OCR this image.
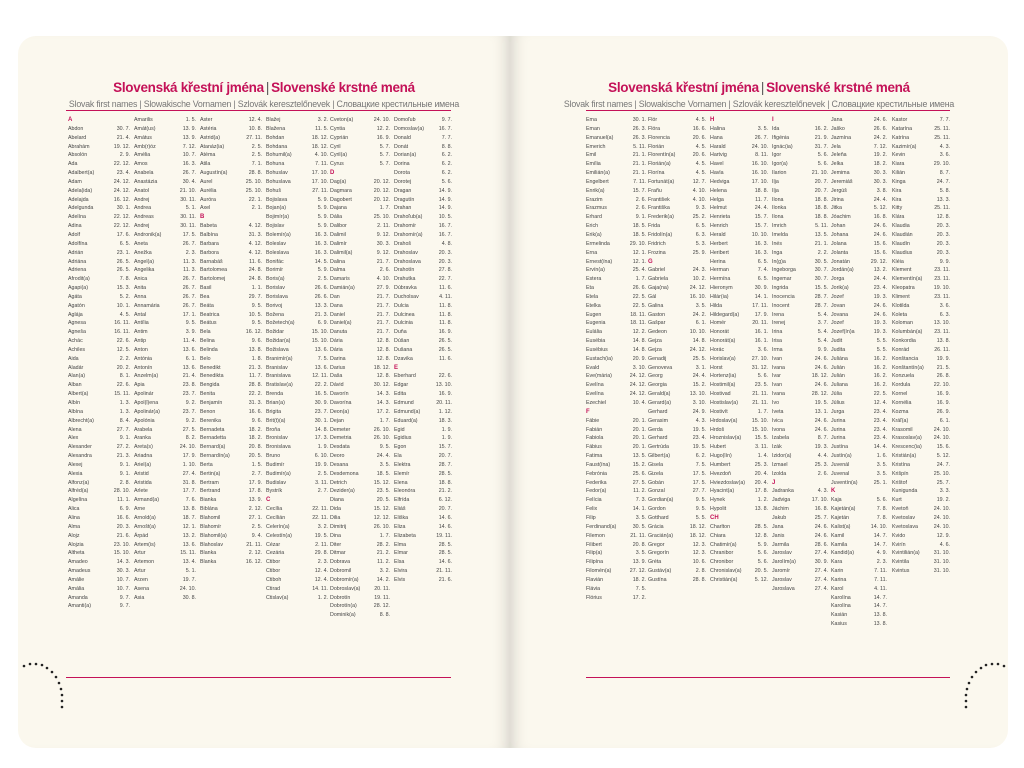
Slovenská křestní jména | Slovenské krstné mená
Slovak first names | Slowakische Vornamen | Szlovák keresztelőnevek | Словацкие крестильные имена
A
Abdon	30. 7.
Abelard	21. 4.
Abrahám	19. 12.
Absolón	2. 9.
Ada	22. 12.
Adalbert(a)	23. 4.
Adam	24. 12.
Adela(ida)	24. 12.
Adelajda	16. 12.
Adelgunda	30. 1.
Adelína	22. 12.
Adina	22. 12.
Adolf	17. 6.
Adolfína	6. 5.
Adrián	23. 1.
Adriána	26. 5.
Adriena	26. 5.
Afrodit(a)	7. 8.
Agapi(a)	15. 3.
Agáta	5. 2.
Agatón	10. 1.
Aglája	4. 5.
Agnesa	16. 11.
Agneša	16. 11.
Achác	22. 6.
Achiles	12. 5.
Aida	2. 2.
Aladár	20. 2.
Alan(a)	8. 1.
Alban	22. 6.
Albert(a)	15. 11.
Albín	1. 3.
Albína	1. 3.
Albrecht(a)	8. 4.
Alena	27. 7.
Alex	9. 1.
Alexander	27. 2.
Alexandra	21. 3.
Alexej	9. 1.
Alexia	9. 1.
Alfonz(a)	2. 8.
Alfréd(a)	28. 10.
Algelína	11. 1.
Alica	6. 9.
Alina	16. 6.
Alma	20. 3.
Alojz	21. 6.
Alojzia	23. 10.
Altheta	15. 10.
Amadeo	14. 3.
Amadeus	30. 3.
Amálie	10. 7.
Amália	10. 7.
Amanda	9. 7.
Amanti(a)	9. 7.
Amarilis	1. 5.
Amát(us)	13. 9.
Amátus	13. 9.
Amb(r)óz	7. 12.
Amélia	10. 7.
Amos	16. 3.
Anabela	26. 7.
Anastázia	30. 4.
Anatol	21. 10.
Andrej	30. 11.
Andrea	5. 1.
Andreas	30. 11.
Andrej	30. 11.
Andronik(a)	17. 5.
Aneta	26. 7.
Anežka	2. 3.
Angel(a)	11. 3.
Angelika	11. 3.
Anica	26. 7.
Anita	26. 7.
Anna	26. 7.
Annamária	26. 7.
Antal	17. 1.
Antília	9. 5.
Antim	3. 9.
Antip	11. 4.
Anton	13. 6.
Antónia	6. 1.
Antonín	13. 6.
Anzelm(a)	21. 4.
Apia	23. 8.
Apolinár	23. 7.
Apol(l)ena	9. 2.
Apolinár(a)	23. 7.
Apolónia	9. 2.
Arabela	27. 5.
Aranka	8. 2.
Areta(s)	24. 10.
Ariadna	17. 9.
Ariel(a)	1. 10.
Aristid	27. 4.
Aristida	31. 8.
Arlete	17. 7.
Armand(a)	7. 6.
Arne	13. 8.
Arnold(a)	18. 7.
Arnošt(a)	12. 1.
Árpád	13. 2.
Artem(is)	13. 6.
Artur	15. 11.
Artemon	13. 4.
Artur	5. 1.
Arzen	19. 7.
Asena	24. 10.
Asia	30. 8.
Aster	12. 4.
Astéria	10. 8.
Astrid(a)	27. 11.
Atanáz(ia)	2. 5.
Atéma	2. 5.
Atila	7. 1.
Augustín(a)	28. 8.
Aurel	25. 10.
Aurélia	25. 10.
Auróra	22. 1.
Axel	2. 1.
B
Babeta	4. 12.
Balbína	31. 3.
Barbara	4. 12.
Barbora	4. 12.
Barnabáš	11. 6.
Bartolomea	24. 8.
Bartolomej	24. 8.
Basil	1. 1.
Bea	29. 7.
Beáta	9. 5.
Beatrica	10. 5.
Beátus	9. 5.
Bela	16. 12.
Belina	9. 6.
Belinda	13. 8.
Belo	1. 8.
Benedikt	21. 3.
Benedikta	11. 7.
Bengida	28. 8.
Benita	22. 2.
Benjamín	31. 3.
Benon	16. 6.
Berenika	9. 6.
Bernadeta	18. 2.
Bernadetta	18. 2.
Bernard(a)	20. 8.
Bernardín(a)	20. 5.
Berta	1. 5.
Bertin(a)	2. 7.
Bertram	17. 9.
Bertrand	17. 8.
Bianka	13. 9.
Biblána	2. 12.
Blahomil	27. 1.
Blahomír	2. 5.
Blahomil(a)	9. 4.
Blahoslav	21. 11.
Blanka	2. 12.
Blanka	16. 12.
Blažej	3. 2.
Blažena	11. 5.
Bohdan	18. 12.
Bohdana	18. 12.
Bohumil(a)	4. 10.
Bohuna	7. 11.
Bohuslav	17. 10.
Bohuslava	17. 10.
Bohuš	27. 11.
Bojislava	5. 9.
Bojan(a)	5. 9.
Bojimír(a)	5. 9.
Bojislav	5. 9.
Bolemír(a)	16. 3.
Boleslav	16. 3.
Boleslava	16. 3.
Bonifác	14. 5.
Borimír	5. 9.
Boris(a)	2. 5.
Borislav	26. 6.
Borislava	26. 6.
Borivoj	13. 3.
Božena	21. 3.
Božetech(a)	6. 9.
Božidar	15. 10.
Božidar(a)	15. 10.
Božislava	13. 6.
Branimír(a)	7. 5.
Branislav	13. 6.
Branislava	12. 11.
Bratislav(a)	22. 2.
Brenda	16. 5.
Brian(a)	30. 9.
Brigita	23. 7.
Brit(t)(a)	30. 1.
Broňa	14. 8.
Bronislav	17. 3.
Bronislava	1. 9.
Bruno	6. 10.
Budimír	19. 9.
Budimír(a)	2. 5.
Budislav	3. 11.
Bystrík	2. 7.
C
Cecília	22. 11.
Cecílián	22. 11.
Celerín(a)	3. 2.
Celestín(a)	19. 5.
Cézar	2. 11.
Cezária	29. 8.
Ctibor	2. 3.
Ctibor	12. 4.
Ctiboh	12. 4.
Ctirad	14. 11.
Ctislav(a)	1. 2.
Cveton(a)	24. 10.
Cyntia	12. 2.
Cyprián	16. 9.
Cyril	5. 7.
Cyril(a)	5. 7.
Cyrus	5. 7.
D
Dag(a)	20. 12.
Dagmara	20. 12.
Dagobert	20. 12.
Dajana	1. 7.
Dália	25. 10.
Dalibor	2. 11.
Dalimil	9. 12.
Dalimír	30. 3.
Dalimil(a)	9. 12.
Dalina	21. 7.
Dalma	2. 6.
Damaris	4. 10.
Damián(a)	27. 9.
Dan	21. 7.
Dana	21. 7.
Daniel	21. 7.
Daniel(a)	21. 7.
Danuta	21. 7.
Dária	12. 8.
Dária	12. 8.
Darina	12. 8.
Darius	18. 12.
Daša	12. 8.
Dávid	30. 12.
Davorín	14. 3.
Davorína	14. 3.
Deon(a)	17. 2.
Dejan	1. 7.
Demeter	26. 10.
Demetria	26. 10.
Desdata	9. 5.
Deoro	24. 4.
Desana	3. 5.
Desdemona	18. 5.
Detrich	15. 12.
Dezider(a)	23. 5.
Diana	20. 5.
Dida	15. 12.
Dilia	12. 12.
Dimitrij	26. 10.
Dina	1. 7.
Diter	28. 2.
Ditmar	21. 2.
Dobrava	11. 2.
Dobromil	3. 2.
Dobromír(a)	14. 2.
Dobroslav(a)	20. 11.
Dobrotín	19. 11.
Dobrotín(a)	28. 12.
Dominik(a)	8. 8.
Domoľub	9. 7.
Domoslav(a)	16. 7.
Donald	7. 7.
Donát	8. 8.
Dorian(a)	6. 2.
Dorina	6. 2.
Dorota	6. 2.
Dorotej	5. 6.
Dragan	14. 9.
Dragutín	14. 9.
Drahan	14. 9.
Drahoľub(a)	10. 5.
Drahomír	16. 7.
Drahomír(a)	16. 7.
Drahoš	4. 8.
Drahoslav	20. 3.
Drahoslava	20. 3.
Drahotín	27. 8.
Drahutka	22. 7.
Dúbravka	11. 6.
Ducholsav	4. 11.
Dulcia	11. 8.
Dulcinea	11. 8.
Dulcinia	11. 8.
Duňa	16. 9.
Dúšan	26. 5.
Dušana	26. 5.
Dzavika	11. 6.
E
Eberhard	22. 6.
Edgar	13. 10.
Edita	16. 9.
Edmund	20. 11.
Edmund(a)	1. 12.
Eduard(a)	18. 3.
Egid	1. 9.
Egidius	1. 9.
Egon	15. 7.
Ela	20. 7.
Elektra	28. 7.
Elemír	28. 5.
Elena	18. 8.
Eleonóra	21. 2.
Elfrída	6. 12.
Eliáš	20. 7.
Eliška	14. 6.
Eliza	14. 6.
Elizabeta	19. 11.
Elma	28. 5.
Elmar	28. 5.
Elsa	14. 6.
Elvira	21. 11.
Elvis	21. 6.
Slovenská křestní jména | Slovenské krstné mená
Slovak first names | Slowakische Vornamen | Szlovák keresztelőnevek | Словацкие крестильные имена
Ema	30. 1.
Eman	26. 3.
Emanuel(a)	26. 3.
Emerich	5. 11.
Emil	21. 1.
Emília	21. 1.
Emilián(a)	21. 1.
Engelbert	7. 11.
Enrik(a)	15. 7.
Erazim	2. 6.
Erazmus	2. 6.
Erhard	9. 1.
Erich	18. 5.
Erik(a)	18. 5.
Ermelinda	29. 10.
Erna	12. 1.
Ernest(ína)	12. 1.
Ervín(a)	25. 4.
Estera	1. 7.
Eta	26. 6.
Etela	22. 5.
Etelka	22. 5.
Eugen	18. 11.
Eugenia	18. 11.
Eulália	12. 2.
Eusébia	14. 8.
Eusébius	14. 8.
Eustach(ia)	20. 9.
Evald	3. 10.
Eve(mária)	24. 12.
Evelína	24. 12.
Evelína	24. 12.
Ezechiel	10. 4.
F
Fábie	20. 1.
Fabián	20. 1.
Fabiola	20. 1.
Fábius	20. 1.
Fatima	13. 5.
Faust(ína)	15. 2.
Febrónia	25. 6.
Federika	27. 5.
Fedor(a)	11. 2.
Felícia	7. 3.
Felix	14. 1.
Filip	3. 5.
Ferdinand(a)	30. 5.
Filemon	21. 11.
Filibert	20. 8.
Filip(a)	3. 5.
Filipína	13. 9.
Filomén(a)	27. 12.
Flavián	18. 2.
Flávia	7. 5.
Flórius	17. 2.
Flór	4. 5.
Flóra	16. 6.
Florencia	20. 6.
Florián	4. 5.
Florentín(a)	20. 6.
Florián(a)	4. 5.
Florína	4. 5.
Fortunát(a)	12. 7.
Frañu	4. 10.
František	4. 10.
Františka	9. 3.
Frederik(a)	25. 2.
Frida	6. 5.
Fridolín(a)	6. 3.
Fridrich	5. 3.
Frozina	25. 9.
G
Gabriel	24. 3.
Gabriela	10. 2.
Gaja(na)	24. 12.
Gál	16. 10.
Galina	3. 5.
Gaston	24. 2.
Gašpar	6. 1.
Gedeon	10. 10.
Gejza	14. 8.
Gejza	24. 12.
Genadij	25. 5.
Genoveva	3. 1.
Georg	24. 4.
Georgia	15. 2.
Gerald(a)	13. 10.
Gerard(a)	3. 10.
Gerhard	24. 9.
Gerasim	4. 3.
Gerda	19. 5.
Gerhard	23. 4.
Gertrúda	19. 5.
Gilbert(a)	6. 2.
Gisela	7. 5.
Gizela	17. 5.
Gobán	17. 5.
Gonzal	27. 7.
Gordian(a)	9. 5.
Gordon	9. 5.
Gotthard	5. 5.
Grácia	18. 12.
Gracián(a)	18. 12.
Gregor	12. 3.
Gregorín	12. 3.
Gréta	10. 6.
Gustáv(a)	2. 8.
Gustína	28. 8.
H
Halina	3. 5.
Hana	26. 7.
Harald	24. 10.
Hartvig	8. 11.
Havel	16. 10.
Havla	16. 10.
Hedviga	17. 10.
Helena	18. 8.
Helga	11. 7.
Helmut	24. 4.
Henrieta	15. 7.
Henrich	15. 7.
Herald	10. 10.
Herbert	16. 3.
Heribert	16. 3.
Herina	6. 5.
Herman	7. 4.
Hermína	6. 5.
Hieronym	30. 9.
Hilár(ia)	14. 1.
Hilda	17. 11.
Hildegard(a)	17. 9.
Homér	20. 11.
Honorát	16. 1.
Honorát(a)	16. 1.
Horác	3. 6.
Horislav(a)	27. 10.
Horst	31. 12.
Hortenz(ia)	5. 6.
Hostimil(a)	23. 5.
Hostivad	21. 11.
Hostislav(a)	21. 11.
Hostivít	1. 7.
Hrdoslav(a)	15. 10.
Hrdoš	15. 10.
Hroznislav(a)	15. 5.
Hubert	3. 11.
Hugo(lín)	1. 4.
Humbert	25. 3.
Hvezdoň	20. 4.
Hviezdoslav(a)	20. 4.
Hyacint(a)	17. 8.
Hynek	1. 2.
Hypolit	13. 8.
CH
Charlton	28. 5.
Chiara	12. 8.
Chatimír(a)	5. 9.
Chranibor	5. 6.
Chronibor	5. 6.
Chronislav(a)	20. 5.
Christián(a)	5. 12.
I
Ida	16. 2.
Ifigénia	21. 9.
Ignác(ia)	31. 7.
Igor	5. 6.
Igor(a)	5. 6.
Ilarion	21. 10.
Ilja	20. 7.
Ilja	20. 7.
Ilona	18. 8.
Ilonka	18. 8.
Ilona	18. 8.
Imrich	5. 11.
Imelda	13. 5.
Inés	21. 1.
Inga	2. 2.
In(g)a	30. 5.
Ingeborga	30. 7.
Ingemar	30. 7.
Ingrida	15. 5.
Inocencia	28. 7.
Inocent	28. 7.
Irena	5. 4.
Irenej	3. 7.
Irina	5. 4.
Irisa	5. 4.
Irma	9. 9.
Ivan	24. 6.
Ivana	24. 6.
Ivar	18. 12.
Ivan	24. 6.
Ivana	28. 12.
Ivo	19. 5.
Iveta	13. 1.
Ivica	24. 6.
Ivona	24. 6.
Izabela	8. 7.
Izák	19. 3.
Izidor(a)	4. 4.
Izmael	25. 3.
Izolda	2. 6.
J
Jadranka	4. 3.
Jadviga	17. 10.
Jáchim	16. 8.
Jakub	25. 7.
Jana	24. 6.
Janis	24. 6.
Jarmila	28. 6.
Jaroslav	27. 4.
Jarolím(a)	30. 9.
Jaromír	27. 4.
Jaroslav	27. 4.
Jaroslava	27. 4.
Jana	24. 6.
Jaško	26. 6.
Jazmína	24. 2.
Jela	7. 12.
Jeleňa	19. 2.
Jelka	18. 2.
Jemima	30. 3.
Jeremiáš	30. 3.
Jergúš	3. 8.
Jirina	24. 4.
Jitka	5. 12.
Jóachim	16. 8.
Johan	24. 6.
Johana	24. 6.
Jolana	15. 6.
Jolanta	15. 6.
Jonatán	29. 12.
Jordán(a)	13. 2.
Jorga	24. 4.
Jorik(a)	23. 4.
Jozef	19. 3.
Jovan	24. 6.
Jovana	24. 6.
Jozef	19. 3.
Jozef(ín)a	19. 3.
Judit	5. 5.
Judita	5. 5.
Juliána	16. 2.
Julián	16. 2.
Julián	16. 2.
Juliana	16. 2.
Júlia	22. 5.
Július	12. 4.
Jurga	23. 4.
Jurina	23. 4.
Jurina	23. 4.
Jurina	23. 4.
Justína	14. 4.
Justín(a)	1. 6.
Juvenál	3. 5.
Juvenal	3. 5.
Juventín(a)	25. 1.
K
Kaja	5. 6.
Kajetán(a)	7. 8.
Kajetán	7. 8.
Kalist(a)	14. 10.
Kamil	14. 7.
Kamila	14. 7.
Kandid(a)	4. 9.
Kara	2. 3.
Karin	7. 11.
Karina	7. 11.
Karol	4. 11.
Karolína	14. 7.
Karolína	14. 7.
Kasián	13. 8.
Kasius	13. 8.
Kastor	7. 7.
Katarína	25. 11.
Katrína	25. 11.
Kazimír(a)	4. 3.
Kevin	3. 6.
Kiara	29. 10.
Kilián	8. 7.
Kinga	24. 7.
Kira	5. 8.
Kira	13. 3.
Kitty	25. 11.
Klára	12. 8.
Klaudia	20. 3.
Klaudián	20. 3.
Klaudín	20. 3.
Klaudius	20. 3.
Kléia	9. 9.
Klement	23. 11.
Klementín(a)	23. 11.
Kleopatra	19. 10.
Kliment	23. 11.
Klotilda	3. 6.
Koleta	6. 3.
Koloman	13. 10.
Kolumbán(a)	23. 11.
Konkordia	13. 8.
Konrád	26. 11.
Konštancia	19. 9.
Konštantín(a)	21. 5.
Konzuela	26. 8.
Kordula	22. 10.
Kornel	16. 9.
Kornélia	16. 9.
Kozma	26. 9.
Kráľ(a)	6. 1.
Krasomil	24. 10.
Krasoslav(a)	24. 10.
Krescenc(ia)	15. 6.
Kristián(a)	5. 12.
Kristína	24. 7.
Krišpín	25. 10.
Krištof	25. 7.
Kunigunda	3. 3.
Kurt	19. 2.
Kvetoň	24. 10.
Kvetoslav	24. 10.
Kvetoslava	24. 10.
Kvido	12. 9.
Kvirín	4. 6.
Kvintilián(a)	31. 10.
Kvintila	31. 10.
Kvintus	31. 10.
